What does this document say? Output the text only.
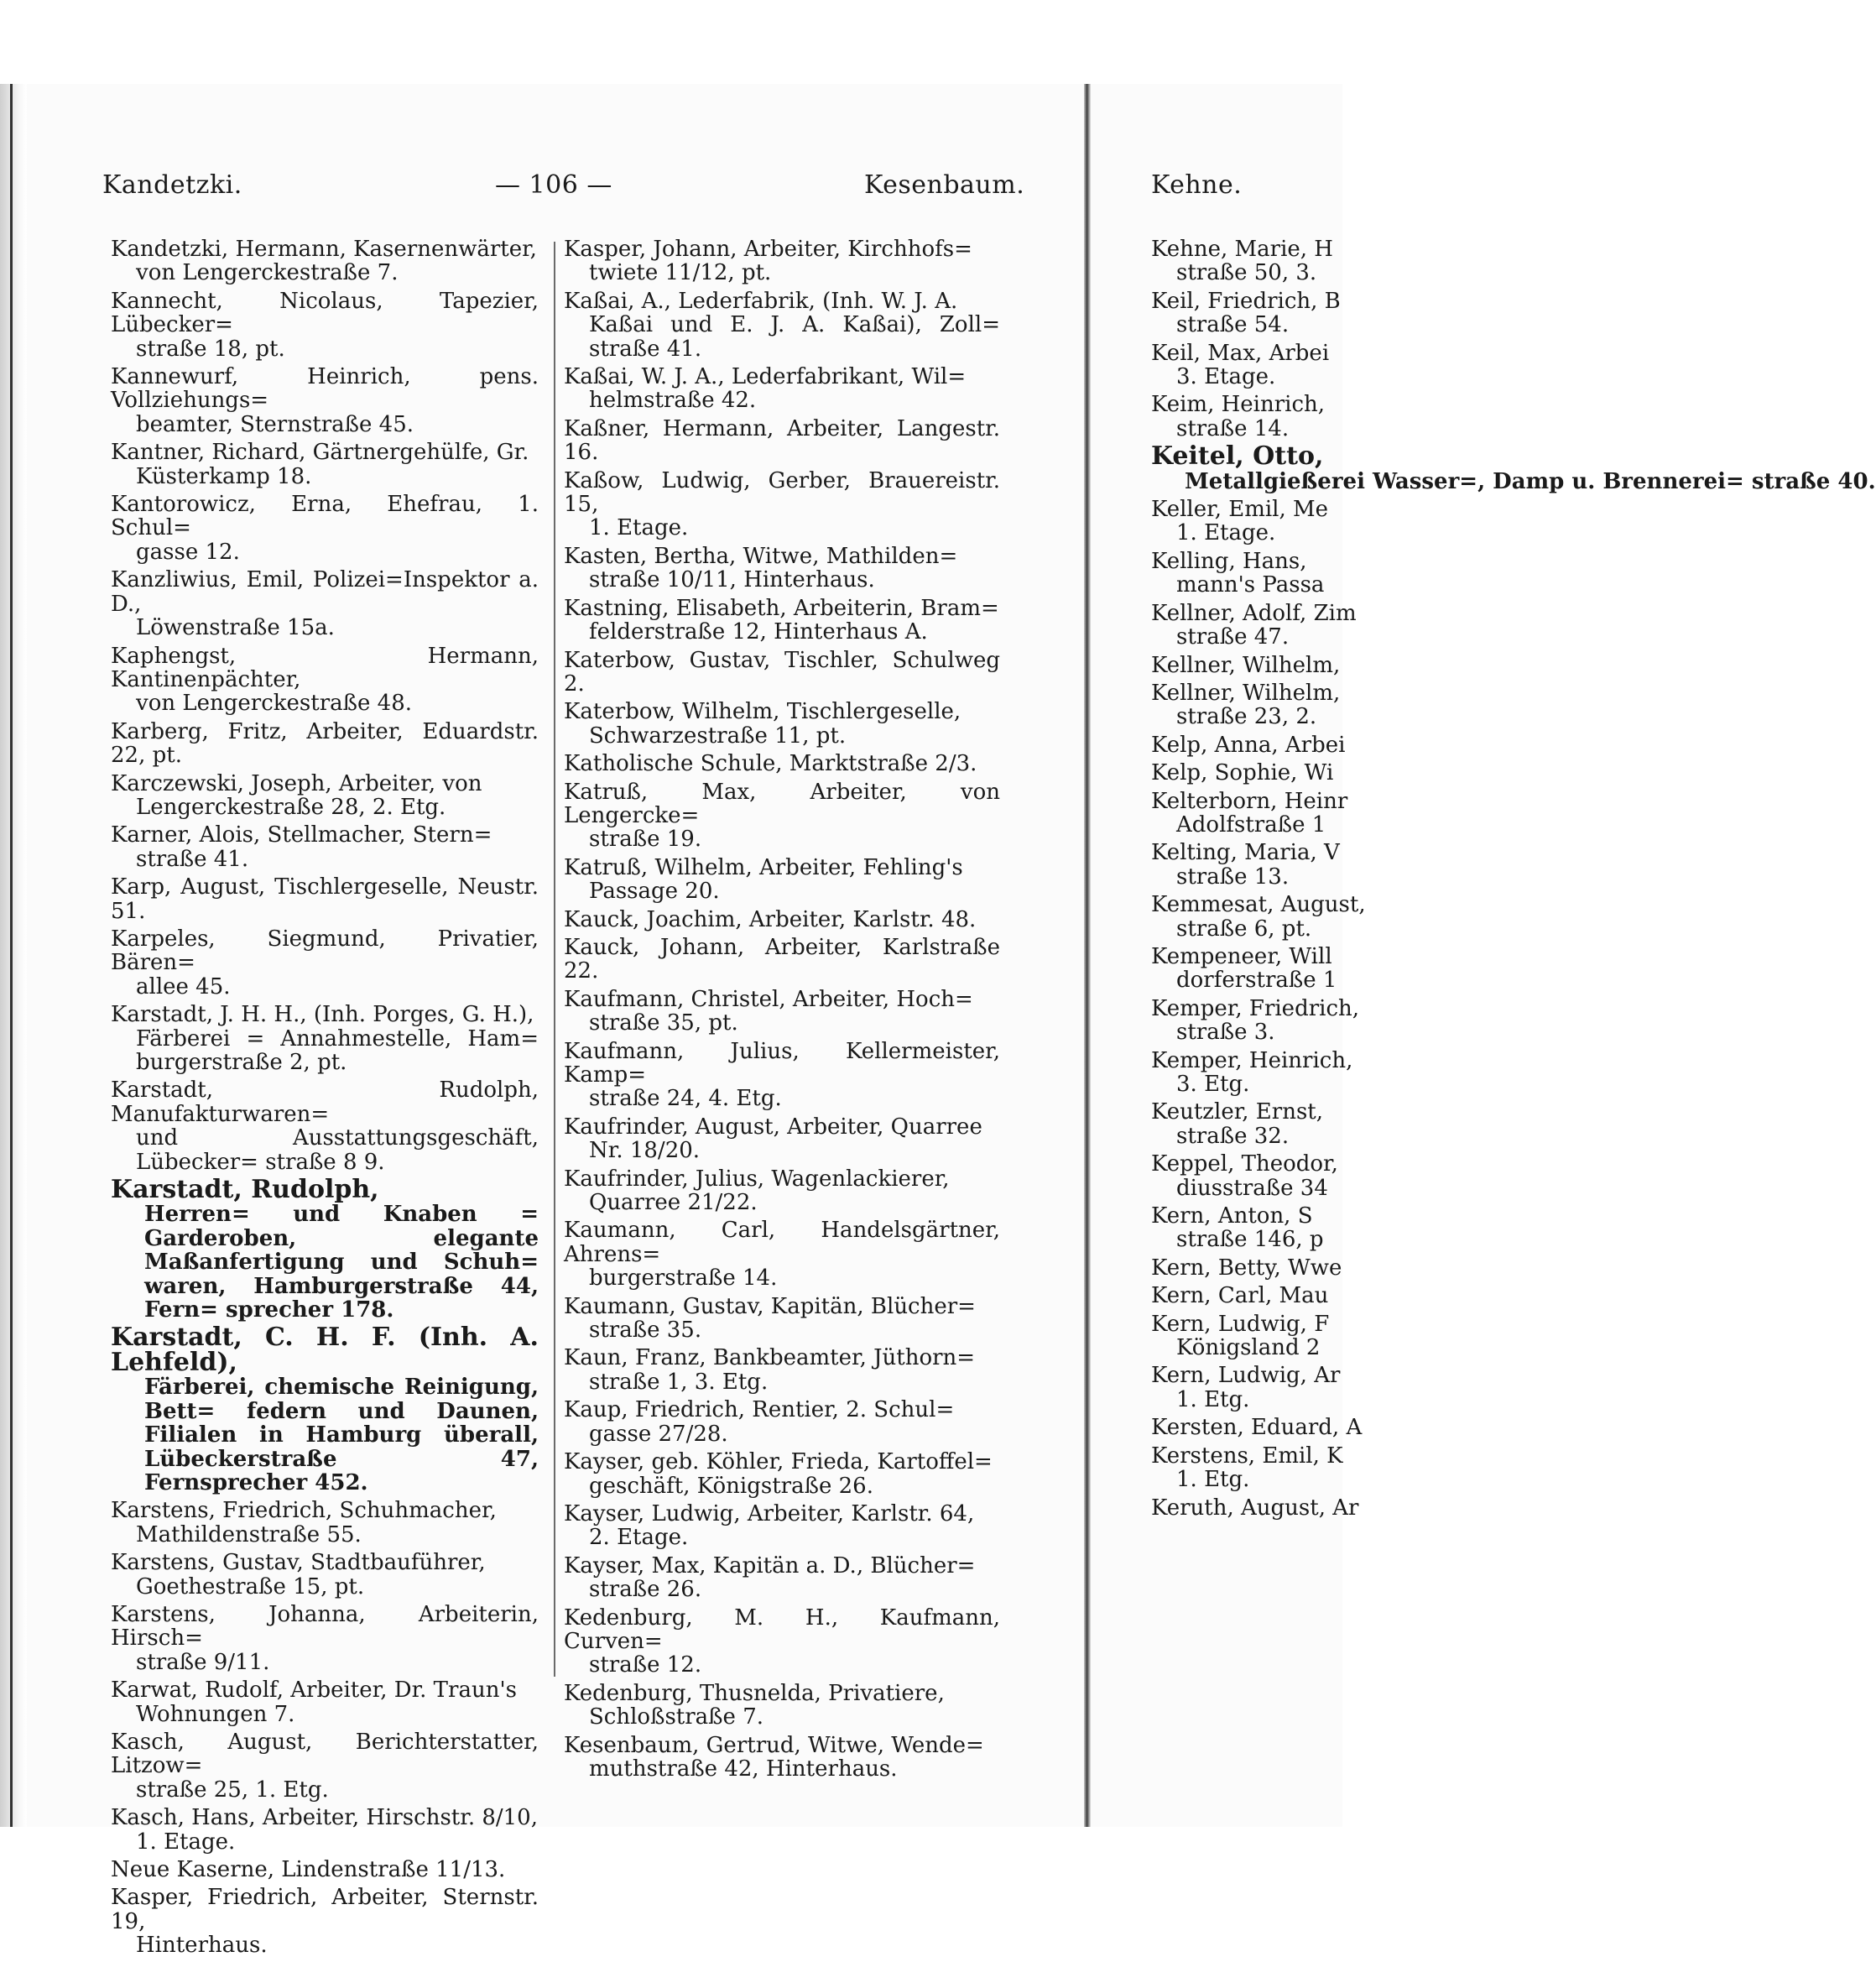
Kandetzki.	— 106 —	Kesenbaum.	Kehne.
Kandetzki, Hermann, Kasernenwärter,
von Lengerckestraße 7.
Kannecht, Nicolaus, Tapezier, Lübecker=
straße 18, pt.
Kannewurf, Heinrich, pens. Vollziehungs=
beamter, Sternstraße 45.
Kantner, Richard, Gärtnergehülfe, Gr.
Küsterkamp 18.
Kantorowicz, Erna, Ehefrau, 1. Schul=
gasse 12.
Kanzliwius, Emil, Polizei=Inspektor a. D.,
Löwenstraße 15a.
Kaphengst, Hermann, Kantinenpächter,
von Lengerckestraße 48.
Karberg, Fritz, Arbeiter, Eduardstr. 22, pt.
Karczewski, Joseph, Arbeiter, von
Lengerckestraße 28, 2. Etg.
Karner, Alois, Stellmacher, Stern=
straße 41.
Karp, August, Tischlergeselle, Neustr. 51.
Karpeles, Siegmund, Privatier, Bären=
allee 45.
Karstadt, J. H. H., (Inh. Porges, G. H.),
Färberei = Annahmestelle, Ham= burgerstraße 2, pt.
Karstadt, Rudolph, Manufakturwaren=
und Ausstattungsgeschäft, Lübecker= straße 8 9.
Karstadt, Rudolph,
Herren= und Knaben = Garderoben, elegante Maßanfertigung und Schuh= waren, Hamburgerstraße 44, Fern= sprecher 178.
Karstadt, C. H. F. (Inh. A. Lehfeld),
Färberei, chemische Reinigung, Bett= federn und Daunen, Filialen in Hamburg überall, Lübeckerstraße 47, Fernsprecher 452.
Karstens, Friedrich, Schuhmacher,
Mathildenstraße 55.
Karstens, Gustav, Stadtbauführer,
Goethestraße 15, pt.
Karstens, Johanna, Arbeiterin, Hirsch=
straße 9/11.
Karwat, Rudolf, Arbeiter, Dr. Traun's
Wohnungen 7.
Kasch, August, Berichterstatter, Litzow=
straße 25, 1. Etg.
Kasch, Hans, Arbeiter, Hirschstr. 8/10,
1. Etage.
Neue Kaserne, Lindenstraße 11/13.
Kasper, Friedrich, Arbeiter, Sternstr. 19,
Hinterhaus.
Kasper, Johann, Arbeiter, Kirchhofs=
twiete 11/12, pt.
Kaßai, A., Lederfabrik, (Inh. W. J. A.
Kaßai und E. J. A. Kaßai), Zoll= straße 41.
Kaßai, W. J. A., Lederfabrikant, Wil=
helmstraße 42.
Kaßner, Hermann, Arbeiter, Langestr. 16.
Kaßow, Ludwig, Gerber, Brauereistr. 15,
1. Etage.
Kasten, Bertha, Witwe, Mathilden=
straße 10/11, Hinterhaus.
Kastning, Elisabeth, Arbeiterin, Bram=
felderstraße 12, Hinterhaus A.
Katerbow, Gustav, Tischler, Schulweg 2.
Katerbow, Wilhelm, Tischlergeselle,
Schwarzestraße 11, pt.
Katholische Schule, Marktstraße 2/3.
Katruß, Max, Arbeiter, von Lengercke=
straße 19.
Katruß, Wilhelm, Arbeiter, Fehling's
Passage 20.
Kauck, Joachim, Arbeiter, Karlstr. 48.
Kauck, Johann, Arbeiter, Karlstraße 22.
Kaufmann, Christel, Arbeiter, Hoch=
straße 35, pt.
Kaufmann, Julius, Kellermeister, Kamp=
straße 24, 4. Etg.
Kaufrinder, August, Arbeiter, Quarree
Nr. 18/20.
Kaufrinder, Julius, Wagenlackierer,
Quarree 21/22.
Kaumann, Carl, Handelsgärtner, Ahrens=
burgerstraße 14.
Kaumann, Gustav, Kapitän, Blücher=
straße 35.
Kaun, Franz, Bankbeamter, Jüthorn=
straße 1, 3. Etg.
Kaup, Friedrich, Rentier, 2. Schul=
gasse 27/28.
Kayser, geb. Köhler, Frieda, Kartoffel=
geschäft, Königstraße 26.
Kayser, Ludwig, Arbeiter, Karlstr. 64,
2. Etage.
Kayser, Max, Kapitän a. D., Blücher=
straße 26.
Kedenburg, M. H., Kaufmann, Curven=
straße 12.
Kedenburg, Thusnelda, Privatiere,
Schloßstraße 7.
Kesenbaum, Gertrud, Witwe, Wende=
muthstraße 42, Hinterhaus.
Kehne, Marie, H
straße 50, 3.
Keil, Friedrich, B
straße 54.
Keil, Max, Arbei
3. Etage.
Keim, Heinrich,
straße 14.
Keitel, Otto,
Metallgießerei Wasser=, Damp u. Brennerei= straße 40.
Keller, Emil, Me
1. Etage.
Kelling, Hans,
mann's Passa
Kellner, Adolf, Zim
straße 47.
Kellner, Wilhelm,
Kellner, Wilhelm,
straße 23, 2.
Kelp, Anna, Arbei
Kelp, Sophie, Wi
Kelterborn, Heinr
Adolfstraße 1
Kelting, Maria, V
straße 13.
Kemmesat, August,
straße 6, pt.
Kempeneer, Will
dorferstraße 1
Kemper, Friedrich,
straße 3.
Kemper, Heinrich,
3. Etg.
Keutzler, Ernst,
straße 32.
Keppel, Theodor,
diusstraße 34
Kern, Anton, S
straße 146, p
Kern, Betty, Wwe
Kern, Carl, Mau
Kern, Ludwig, F
Königsland 2
Kern, Ludwig, Ar
1. Etg.
Kersten, Eduard, A
Kerstens, Emil, K
1. Etg.
Keruth, August, Ar
